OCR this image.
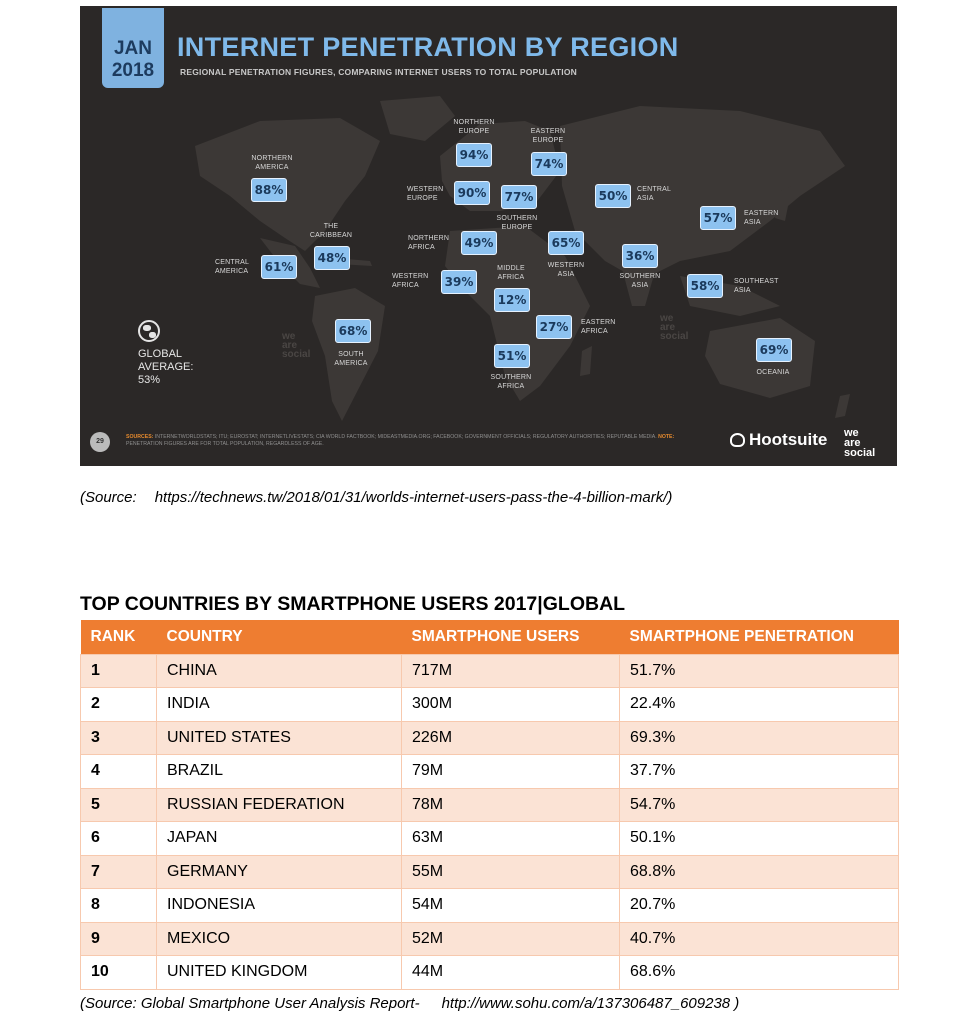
JAN
2018
INTERNET PENETRATION BY REGION
REGIONAL PENETRATION FIGURES, COMPARING INTERNET USERS TO TOTAL POPULATION
NORTHERN
AMERICA
88%
THE
CARIBBEAN
48%
CENTRAL
AMERICA	61%
SOUTH
AMERICA
68%
NORTHERN
EUROPE
94%
EASTERN
EUROPE
74%
WESTERN
EUROPE	90%
SOUTHERN
EUROPE
77%
CENTRAL
ASIA
50%
EASTERN
ASIA
57%
NORTHERN
AFRICA	49%
WESTERN
ASIA
65%
SOUTHERN
ASIA
36%
WESTERN
AFRICA	39%
MIDDLE
AFRICA
12%
SOUTHEAST
ASIA
58%
EASTERN
AFRICA
27%
SOUTHERN
AFRICA
51%
OCEANIA
69%
we
are
social
we
are
social
GLOBAL
AVERAGE:
53%
29
SOURCES: INTERNETWORLDSTATS; ITU; EUROSTAT; INTERNETLIVESTATS; CIA WORLD FACTBOOK; MIDEASTMEDIA.ORG; FACEBOOK; GOVERNMENT OFFICIALS; REGULATORY AUTHORITIES; REPUTABLE MEDIA. NOTE: PENETRATION FIGURES ARE FOR TOTAL POPULATION, REGARDLESS OF AGE.	Hootsuite we
are
social
(Source: https://technews.tw/2018/01/31/worlds-internet-users-pass-the-4-billion-mark/)
TOP COUNTRIES BY SMARTPHONE USERS 2017|GLOBAL
RANK	COUNTRY	SMARTPHONE USERS	SMARTPHONE PENETRATION
1	CHINA	717M	51.7%
2	INDIA	300M	22.4%
3	UNITED STATES	226M	69.3%
4	BRAZIL	79M	37.7%
5	RUSSIAN FEDERATION	78M	54.7%
6	JAPAN	63M	50.1%
7	GERMANY	55M	68.8%
8	INDONESIA	54M	20.7%
9	MEXICO	52M	40.7%
10	UNITED KINGDOM	44M	68.6%
(Source: Global Smartphone User Analysis Report- http://www.sohu.com/a/137306487_609238 )
